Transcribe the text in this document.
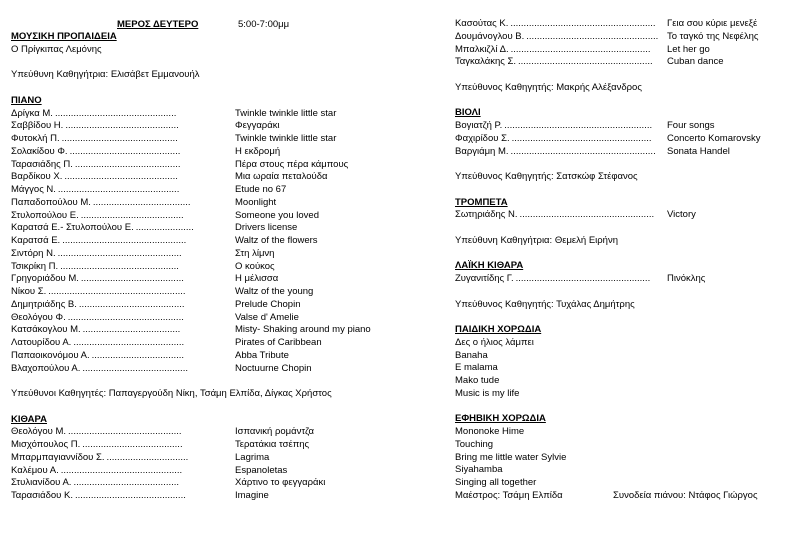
ΜΕΡΟΣ ΔΕΥΤΕΡΟ	5:00-7:00μμ
ΜΟΥΣΙΚΗ ΠΡΟΠΑΙΔΕΙΑ
Ο Πρίγκιπας Λεμόνης
Υπεύθυνη Καθηγήτρια: Ελισάβετ Εμμανουήλ
ΠΙΑΝΟ
Δρίγκα Μ. ..............................................	Twinkle twinkle little star
Σαββίδου Η. ...........................................	Φεγγαράκι
Φυτοκλή Π. ............................................	Twinkle twinkle little star
Σολακίδου Φ. ..........................................	Η εκδρομή
Ταρασιάδης Π. ........................................	Πέρα στους πέρα κάμπους
Βαρδίκου Χ. ...........................................	Μια ωραία πεταλούδα
Μάγγος Ν. ..............................................	Etude no 67
Παπαδοπούλου Μ. .....................................	Moonlight
Στυλοπούλου Ε. .......................................	Someone you loved
Καρατσά Ε.- Στυλοπούλου Ε. ......................	Drivers license
Καρατσά Ε. ...............................................	Waltz of the flowers
Σιντόρη Ν. ...............................................	Στη λίμνη
Τσικρίκη Π. .............................................	Ο κούκος
Γρηγοριάδου Μ. .......................................	Η μέλισσα
Νίκου Σ. ....................................................	Waltz of the young
Δημητριάδης Β. ........................................	Prelude Chopin
Θεολόγου Φ. ............................................	Valse d' Amelie
Κατσάκογλου Μ. .....................................	Misty- Shaking around my piano
Λατουρίδου Α. ..........................................	Pirates of Caribbean
Παπαοικονόμου Α. ...................................	Abba Tribute
Βλαχοπούλου Α. ........................................	Noctuurne Chopin
Υπεύθυνοι Καθηγητές: Παπαγεργούδη Νίκη, Τσάμη Ελπίδα, Δίγκας Χρήστος
ΚΙΘΑΡΑ
Θεολόγου Μ. ...........................................	Ισπανική ρομάντζα
Μισχόπουλος Π. ......................................	Τερατάκια τσέπης
Μπαρμπαγιαννίδου Σ. ...............................	Lagrima
Καλέμου Α. ..............................................	Espanoletas
Στυλιανίδου Α. ........................................	Χάρτινο το φεγγαράκι
Ταρασιάδου Κ. ..........................................	Imagine
Κασούτας Κ. .......................................................	Γεια σου κύριε μενεξέ
Δουμάνογλου Β. .................................................. Το ταγκό της Νεφέλης
Μπαλκιζλί Δ. .....................................................	Let her go
Ταγκαλάκης Σ. ...................................................	Cuban dance
Υπεύθυνος Καθηγητής: Μακρής Αλέξανδρος
ΒΙΟΛΙ
Βογιατζή Ρ. ........................................................	Four songs
Φαχιρίδου Σ. .....................................................	Concerto Komarovsky
Βαργιάμη Μ. .......................................................	Sonata Handel
Υπεύθυνος Καθηγητής: Σατσκώφ Στέφανος
ΤΡΟΜΠΕΤΑ
Σωτηριάδης Ν. ...................................................	Victory
Υπεύθυνη Καθηγήτρια: Θεμελή Ειρήνη
ΛΑΪΚΗ ΚΙΘΑΡΑ
Ζυγανιτίδης Γ. ...................................................	Πινόκλης
Υπεύθυνος Καθηγητής: Τυχάλας Δημήτρης
ΠΑΙΔΙΚΗ ΧΟΡΩΔΙΑ
Δες ο ήλιος λάμπει
Banaha
E malama
Mako tude
Music is my life
ΕΦΗΒΙΚΗ ΧΟΡΩΔΙΑ
Mononoke Hime
Touching
Bring me little water Sylvie
Siyahamba
Singing all together
Μαέστρος: Τσάμη Ελπίδα	Συνοδεία πιάνου: Ντάφος Γιώργος
